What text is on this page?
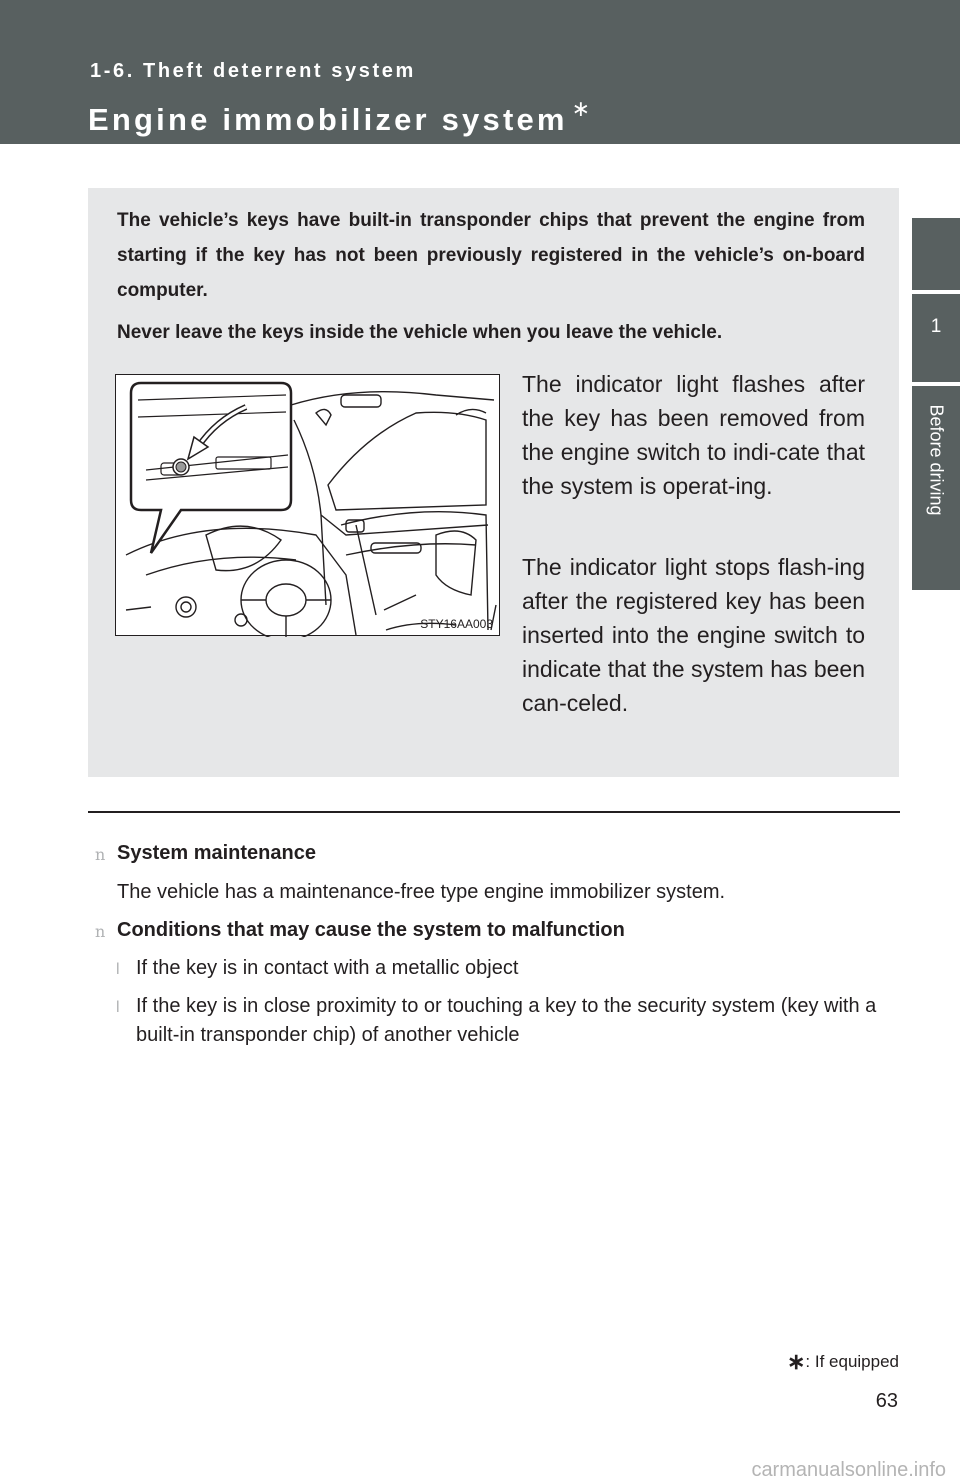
1-6. Theft deterrent system
Engine immobilizer system ∗
1
Before driving

The vehicle’s keys have built-in transponder chips that prevent the engine from starting if the key has not been previously registered in the vehicle’s on-board computer.

Never leave the keys inside the vehicle when you leave the vehicle.

STY16AA003

The indicator light flashes after the key has been removed from the engine switch to indi-cate that the system is operat-ing.

The indicator light stops flash-ing after the registered key has been inserted into the engine switch to indicate that the system has been can-celed.

n System maintenance

The vehicle has a maintenance-free type engine immobilizer system.

n Conditions that may cause the system to malfunction

l If the key is in contact with a metallic object

l If the key is in close proximity to or touching a key to the security system (key with a built-in transponder chip) of another vehicle

∗: If equipped
63
carmanualsonline.info
